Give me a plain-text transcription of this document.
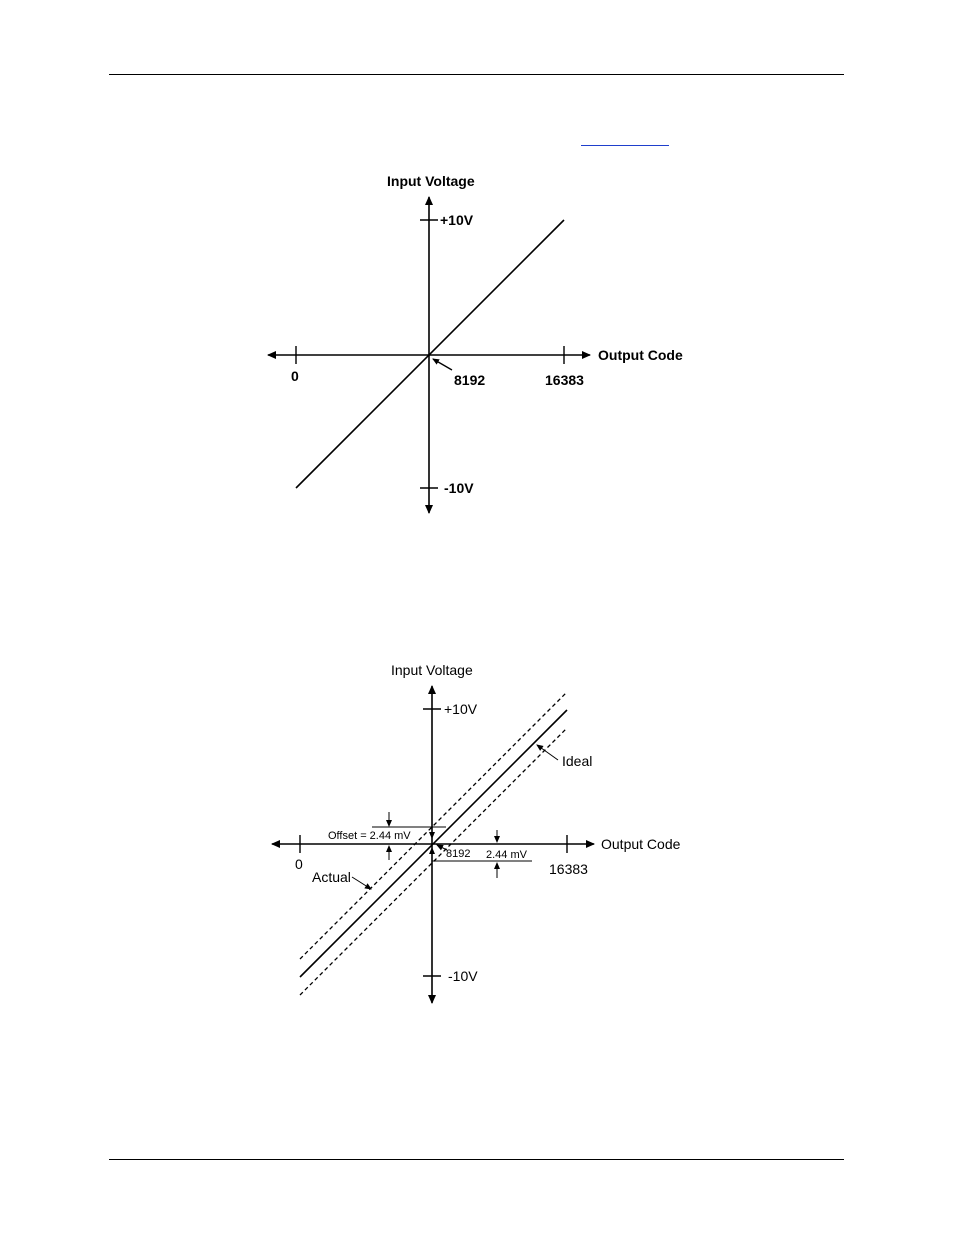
Input Voltage
+10V
-10V
Output Code
0	8192	16383
Input Voltage
+10V
-10V
Output Code
0
8192
16383
Offset = 2.44 mV
2.44 mV
Ideal
Actual
